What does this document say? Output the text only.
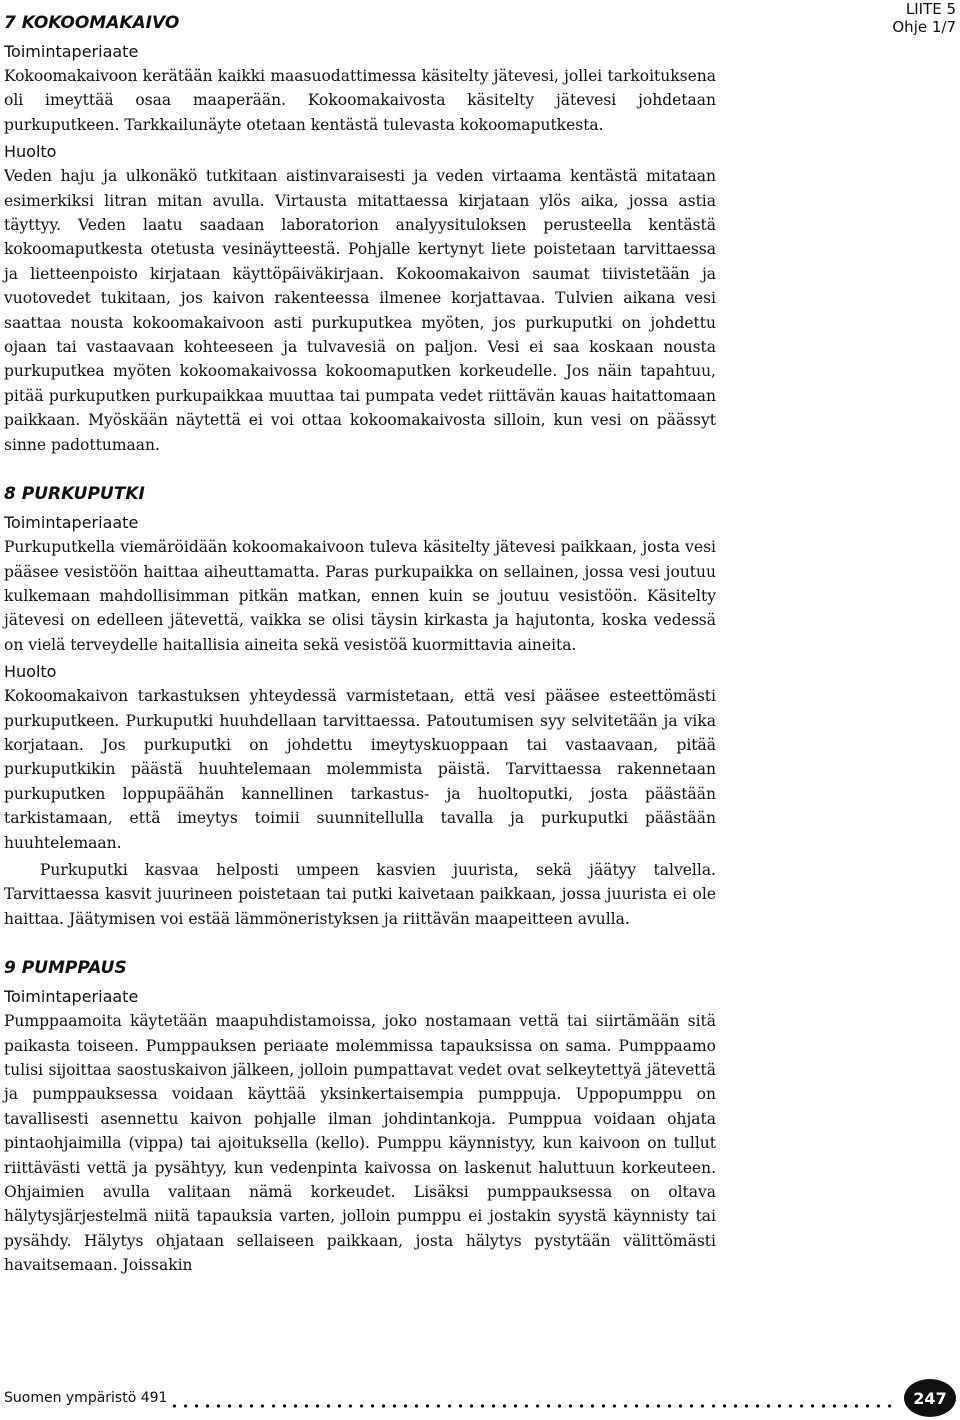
LIITE 5
Ohje 1/7
7 KOKOOMAKAIVO
Toimintaperiaate

Kokoomakaivoon kerätään kaikki maasuodattimessa käsitelty jätevesi, jollei tarkoituksena oli imeyttää osaa maaperään. Kokoomakaivosta käsitelty jätevesi johdetaan purkuputkeen. Tarkkailunäyte otetaan kentästä tulevasta kokoomaputkesta.

Huolto

Veden haju ja ulkonäkö tutkitaan aistinvaraisesti ja veden virtaama kentästä mitataan esimerkiksi litran mitan avulla. Virtausta mitattaessa kirjataan ylös aika, jossa astia täyttyy. Veden laatu saadaan laboratorion analyysituloksen perusteella kentästä kokoomaputkesta otetusta vesinäytteestä. Pohjalle kertynyt liete poistetaan tarvittaessa ja lietteenpoisto kirjataan käyttöpäiväkirjaan. Kokoomakaivon saumat tiivistetään ja vuotovedet tukitaan, jos kaivon rakenteessa ilmenee korjattavaa. Tulvien aikana vesi saattaa nousta kokoomakaivoon asti purkuputkea myöten, jos purkuputki on johdettu ojaan tai vastaavaan kohteeseen ja tulvavesiä on paljon. Vesi ei saa koskaan nousta purkuputkea myöten kokoomakaivossa kokoomaputken korkeudelle. Jos näin tapahtuu, pitää purkuputken purkupaikkaa muuttaa tai pumpata vedet riittävän kauas haitattomaan paikkaan. Myöskään näytettä ei voi ottaa kokoomakaivosta silloin, kun vesi on päässyt sinne padottumaan.

8 PURKUPUTKI
Toimintaperiaate

Purkuputkella viemäröidään kokoomakaivoon tuleva käsitelty jätevesi paikkaan, josta vesi pääsee vesistöön haittaa aiheuttamatta. Paras purkupaikka on sellainen, jossa vesi joutuu kulkemaan mahdollisimman pitkän matkan, ennen kuin se joutuu vesistöön. Käsitelty jätevesi on edelleen jätevettä, vaikka se olisi täysin kirkasta ja hajutonta, koska vedessä on vielä terveydelle haitallisia aineita sekä vesistöä kuormittavia aineita.

Huolto

Kokoomakaivon tarkastuksen yhteydessä varmistetaan, että vesi pääsee esteettömästi purkuputkeen. Purkuputki huuhdellaan tarvittaessa. Patoutumisen syy selvitetään ja vika korjataan. Jos purkuputki on johdettu imeytyskuoppaan tai vastaavaan, pitää purkuputkikin päästä huuhtelemaan molemmista päistä. Tarvittaessa rakennetaan purkuputken loppupäähän kannellinen tarkastus- ja huoltoputki, josta päästään tarkistamaan, että imeytys toimii suunnitellulla tavalla ja purkuputki päästään huuhtelemaan.

Purkuputki kasvaa helposti umpeen kasvien juurista, sekä jäätyy talvella. Tarvittaessa kasvit juurineen poistetaan tai putki kaivetaan paikkaan, jossa juurista ei ole haittaa. Jäätymisen voi estää lämmöneristyksen ja riittävän maapeitteen avulla.

9 PUMPPAUS
Toimintaperiaate

Pumppaamoita käytetään maapuhdistamoissa, joko nostamaan vettä tai siirtämään sitä paikasta toiseen. Pumppauksen periaate molemmissa tapauksissa on sama. Pumppaamo tulisi sijoittaa saostuskaivon jälkeen, jolloin pumpattavat vedet ovat selkeytettyä jätevettä ja pumppauksessa voidaan käyttää yksinkertaisempia pumppuja. Uppopumppu on tavallisesti asennettu kaivon pohjalle ilman johdintankoja. Pumppua voidaan ohjata pintaohjaimilla (vippa) tai ajoituksella (kello). Pumppu käynnistyy, kun kaivoon on tullut riittävästi vettä ja pysähtyy, kun vedenpinta kaivossa on laskenut haluttuun korkeuteen. Ohjaimien avulla valitaan nämä korkeudet. Lisäksi pumppauksessa on oltava hälytysjärjestelmä niitä tapauksia varten, jolloin pumppu ei jostakin syystä käynnisty tai pysähdy. Hälytys ohjataan sellaiseen paikkaan, josta hälytys pystytään välittömästi havaitsemaan. Joissakin

Suomen ympäristö 491	247
